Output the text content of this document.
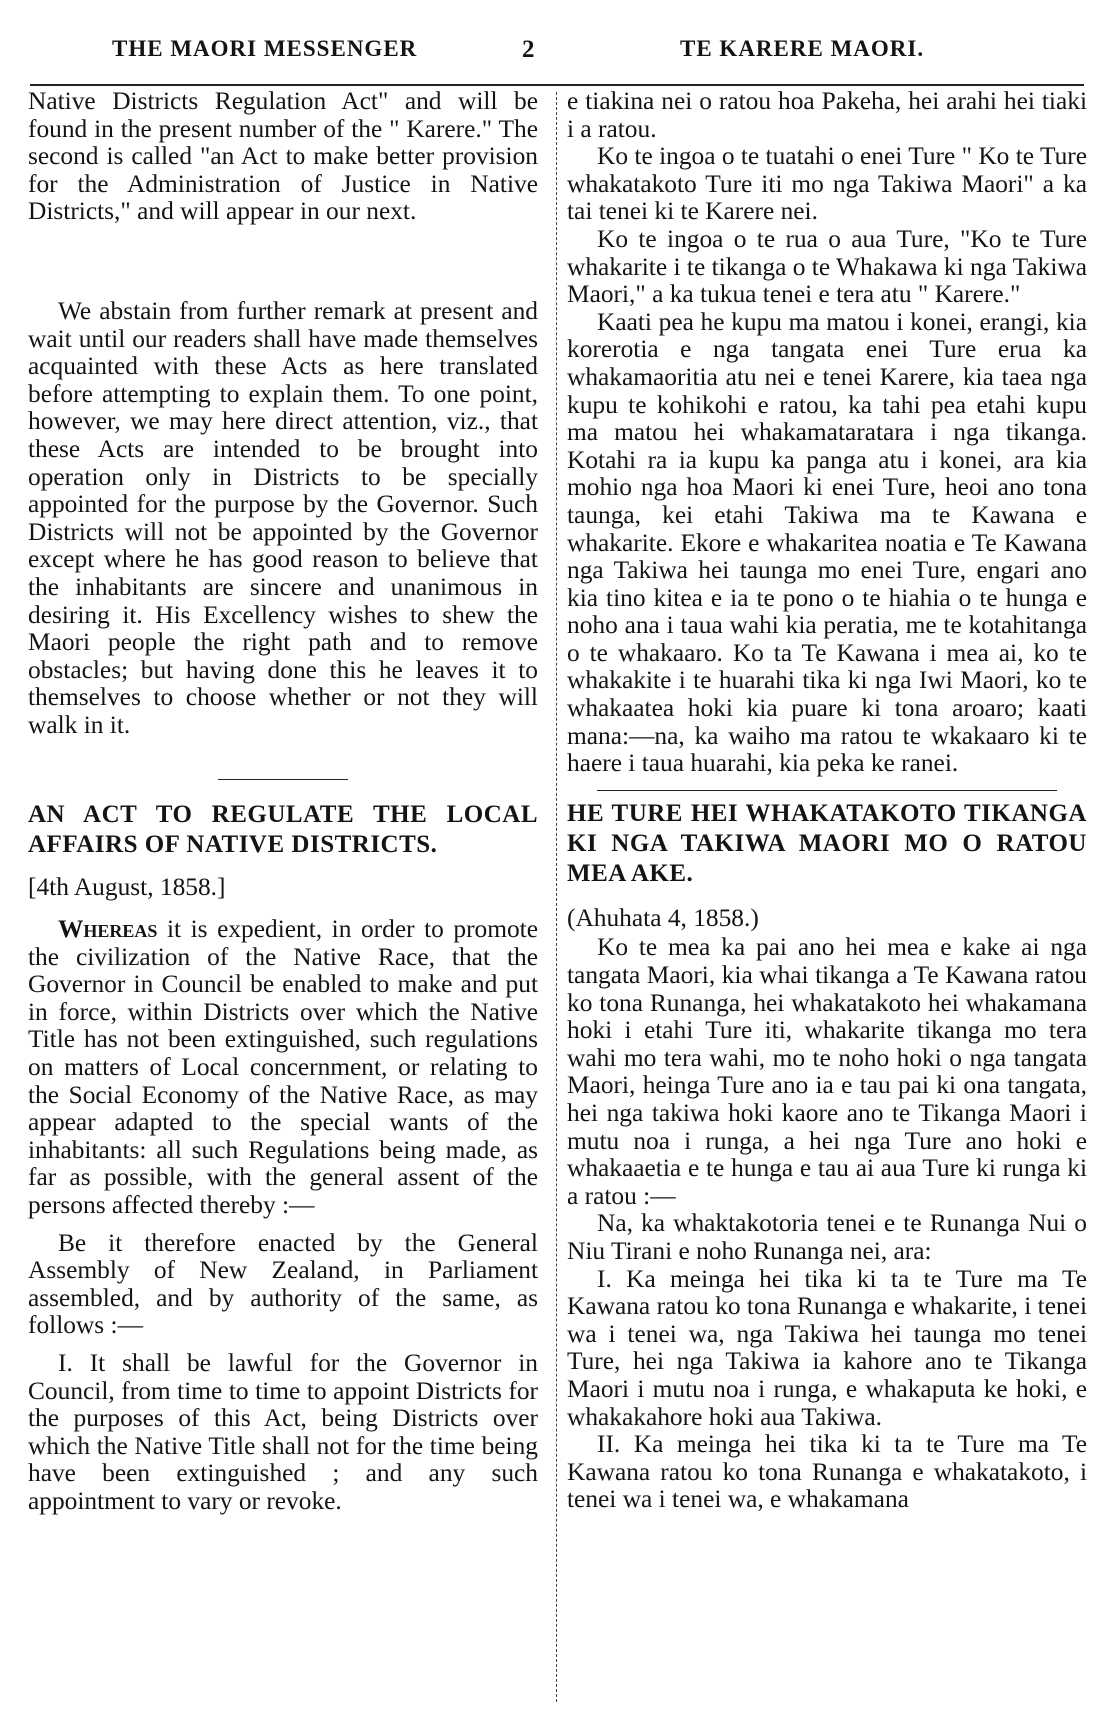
THE MAORI MESSENGER	2	TE KARERE MAORI.

Native Districts Regulation Act" and will be found in the present number of the " Karere." The second is called "an Act to make better provision for the Administration of Justice in Native Districts," and will appear in our next.

We abstain from further remark at present and wait until our readers shall have made themselves acquainted with these Acts as here translated before attempting to explain them. To one point, however, we may here direct attention, viz., that these Acts are intended to be brought into operation only in Districts to be specially appointed for the purpose by the Governor. Such Districts will not be appointed by the Governor except where he has good reason to believe that the inhabitants are sincere and unanimous in desiring it. His Excellency wishes to shew the Maori people the right path and to remove obstacles; but having done this he leaves it to themselves to choose whether or not they will walk in it.

AN ACT TO REGULATE THE LOCAL AFFAIRS OF NATIVE DISTRICTS.

[4th August, 1858.]

Whereas it is expedient, in order to promote the civilization of the Native Race, that the Governor in Council be enabled to make and put in force, within Districts over which the Native Title has not been extinguished, such regulations on matters of Local concernment, or relating to the Social Economy of the Native Race, as may appear adapted to the special wants of the inhabitants: all such Regulations being made, as far as possible, with the general assent of the persons affected thereby :—

Be it therefore enacted by the General Assembly of New Zealand, in Parliament assembled, and by authority of the same, as follows :—

I. It shall be lawful for the Governor in Council, from time to time to appoint Districts for the purposes of this Act, being Districts over which the Native Title shall not for the time being have been extinguished ; and any such appointment to vary or revoke.

e tiakina nei o ratou hoa Pakeha, hei arahi hei tiaki i a ratou.

Ko te ingoa o te tuatahi o enei Ture " Ko te Ture whakatakoto Ture iti mo nga Takiwa Maori" a ka tai tenei ki te Karere nei.

Ko te ingoa o te rua o aua Ture, "Ko te Ture whakarite i te tikanga o te Whakawa ki nga Takiwa Maori," a ka tukua tenei e tera atu " Karere."

Kaati pea he kupu ma matou i konei, erangi, kia korerotia e nga tangata enei Ture erua ka whakamaoritia atu nei e tenei Karere, kia taea nga kupu te kohikohi e ratou, ka tahi pea etahi kupu ma matou hei whakamataratara i nga tikanga. Kotahi ra ia kupu ka panga atu i konei, ara kia mohio nga hoa Maori ki enei Ture, heoi ano tona taunga, kei etahi Takiwa ma te Kawana e whakarite. Ekore e whakaritea noatia e Te Kawana nga Takiwa hei taunga mo enei Ture, engari ano kia tino kitea e ia te pono o te hiahia o te hunga e noho ana i taua wahi kia peratia, me te kotahitanga o te whakaaro. Ko ta Te Kawana i mea ai, ko te whakakite i te huarahi tika ki nga Iwi Maori, ko te whakaatea hoki kia puare ki tona aroaro; kaati mana:—na, ka waiho ma ratou te wkakaaro ki te haere i taua huarahi, kia peka ke ranei.

HE TURE HEI WHAKATAKOTO TIKANGA KI NGA TAKIWA MAORI MO O RATOU MEA AKE.

(Ahuhata 4, 1858.)

Ko te mea ka pai ano hei mea e kake ai nga tangata Maori, kia whai tikanga a Te Kawana ratou ko tona Runanga, hei whakatakoto hei whakamana hoki i etahi Ture iti, whakarite tikanga mo tera wahi mo tera wahi, mo te noho hoki o nga tangata Maori, heinga Ture ano ia e tau pai ki ona tangata, hei nga takiwa hoki kaore ano te Tikanga Maori i mutu noa i runga, a hei nga Ture ano hoki e whakaaetia e te hunga e tau ai aua Ture ki runga ki a ratou :—

Na, ka whaktakotoria tenei e te Runanga Nui o Niu Tirani e noho Runanga nei, ara:

I. Ka meinga hei tika ki ta te Ture ma Te Kawana ratou ko tona Runanga e whakarite, i tenei wa i tenei wa, nga Takiwa hei taunga mo tenei Ture, hei nga Takiwa ia kahore ano te Tikanga Maori i mutu noa i runga, e whakaputa ke hoki, e whakakahore hoki aua Takiwa.

II. Ka meinga hei tika ki ta te Ture ma Te Kawana ratou ko tona Runanga e whakatakoto, i tenei wa i tenei wa, e whakamana
